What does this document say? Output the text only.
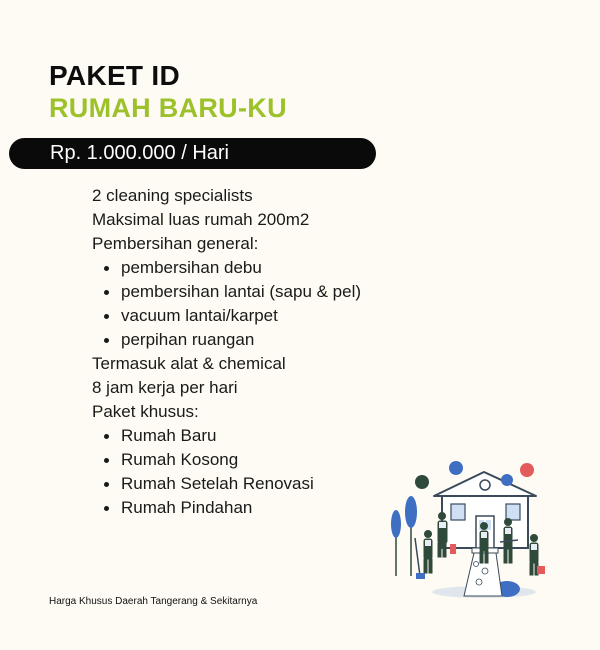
PAKET ID
RUMAH BARU-KU
Rp. 1.000.000 / Hari
2 cleaning specialists
Maksimal luas rumah 200m2
Pembersihan general:
pembersihan debu
pembersihan lantai (sapu & pel)
vacuum lantai/karpet
perpihan ruangan
Termasuk alat & chemical
8 jam kerja per hari
Paket khusus:
Rumah Baru
Rumah Kosong
Rumah Setelah Renovasi
Rumah Pindahan
Harga Khusus Daerah Tangerang & Sekitarnya
